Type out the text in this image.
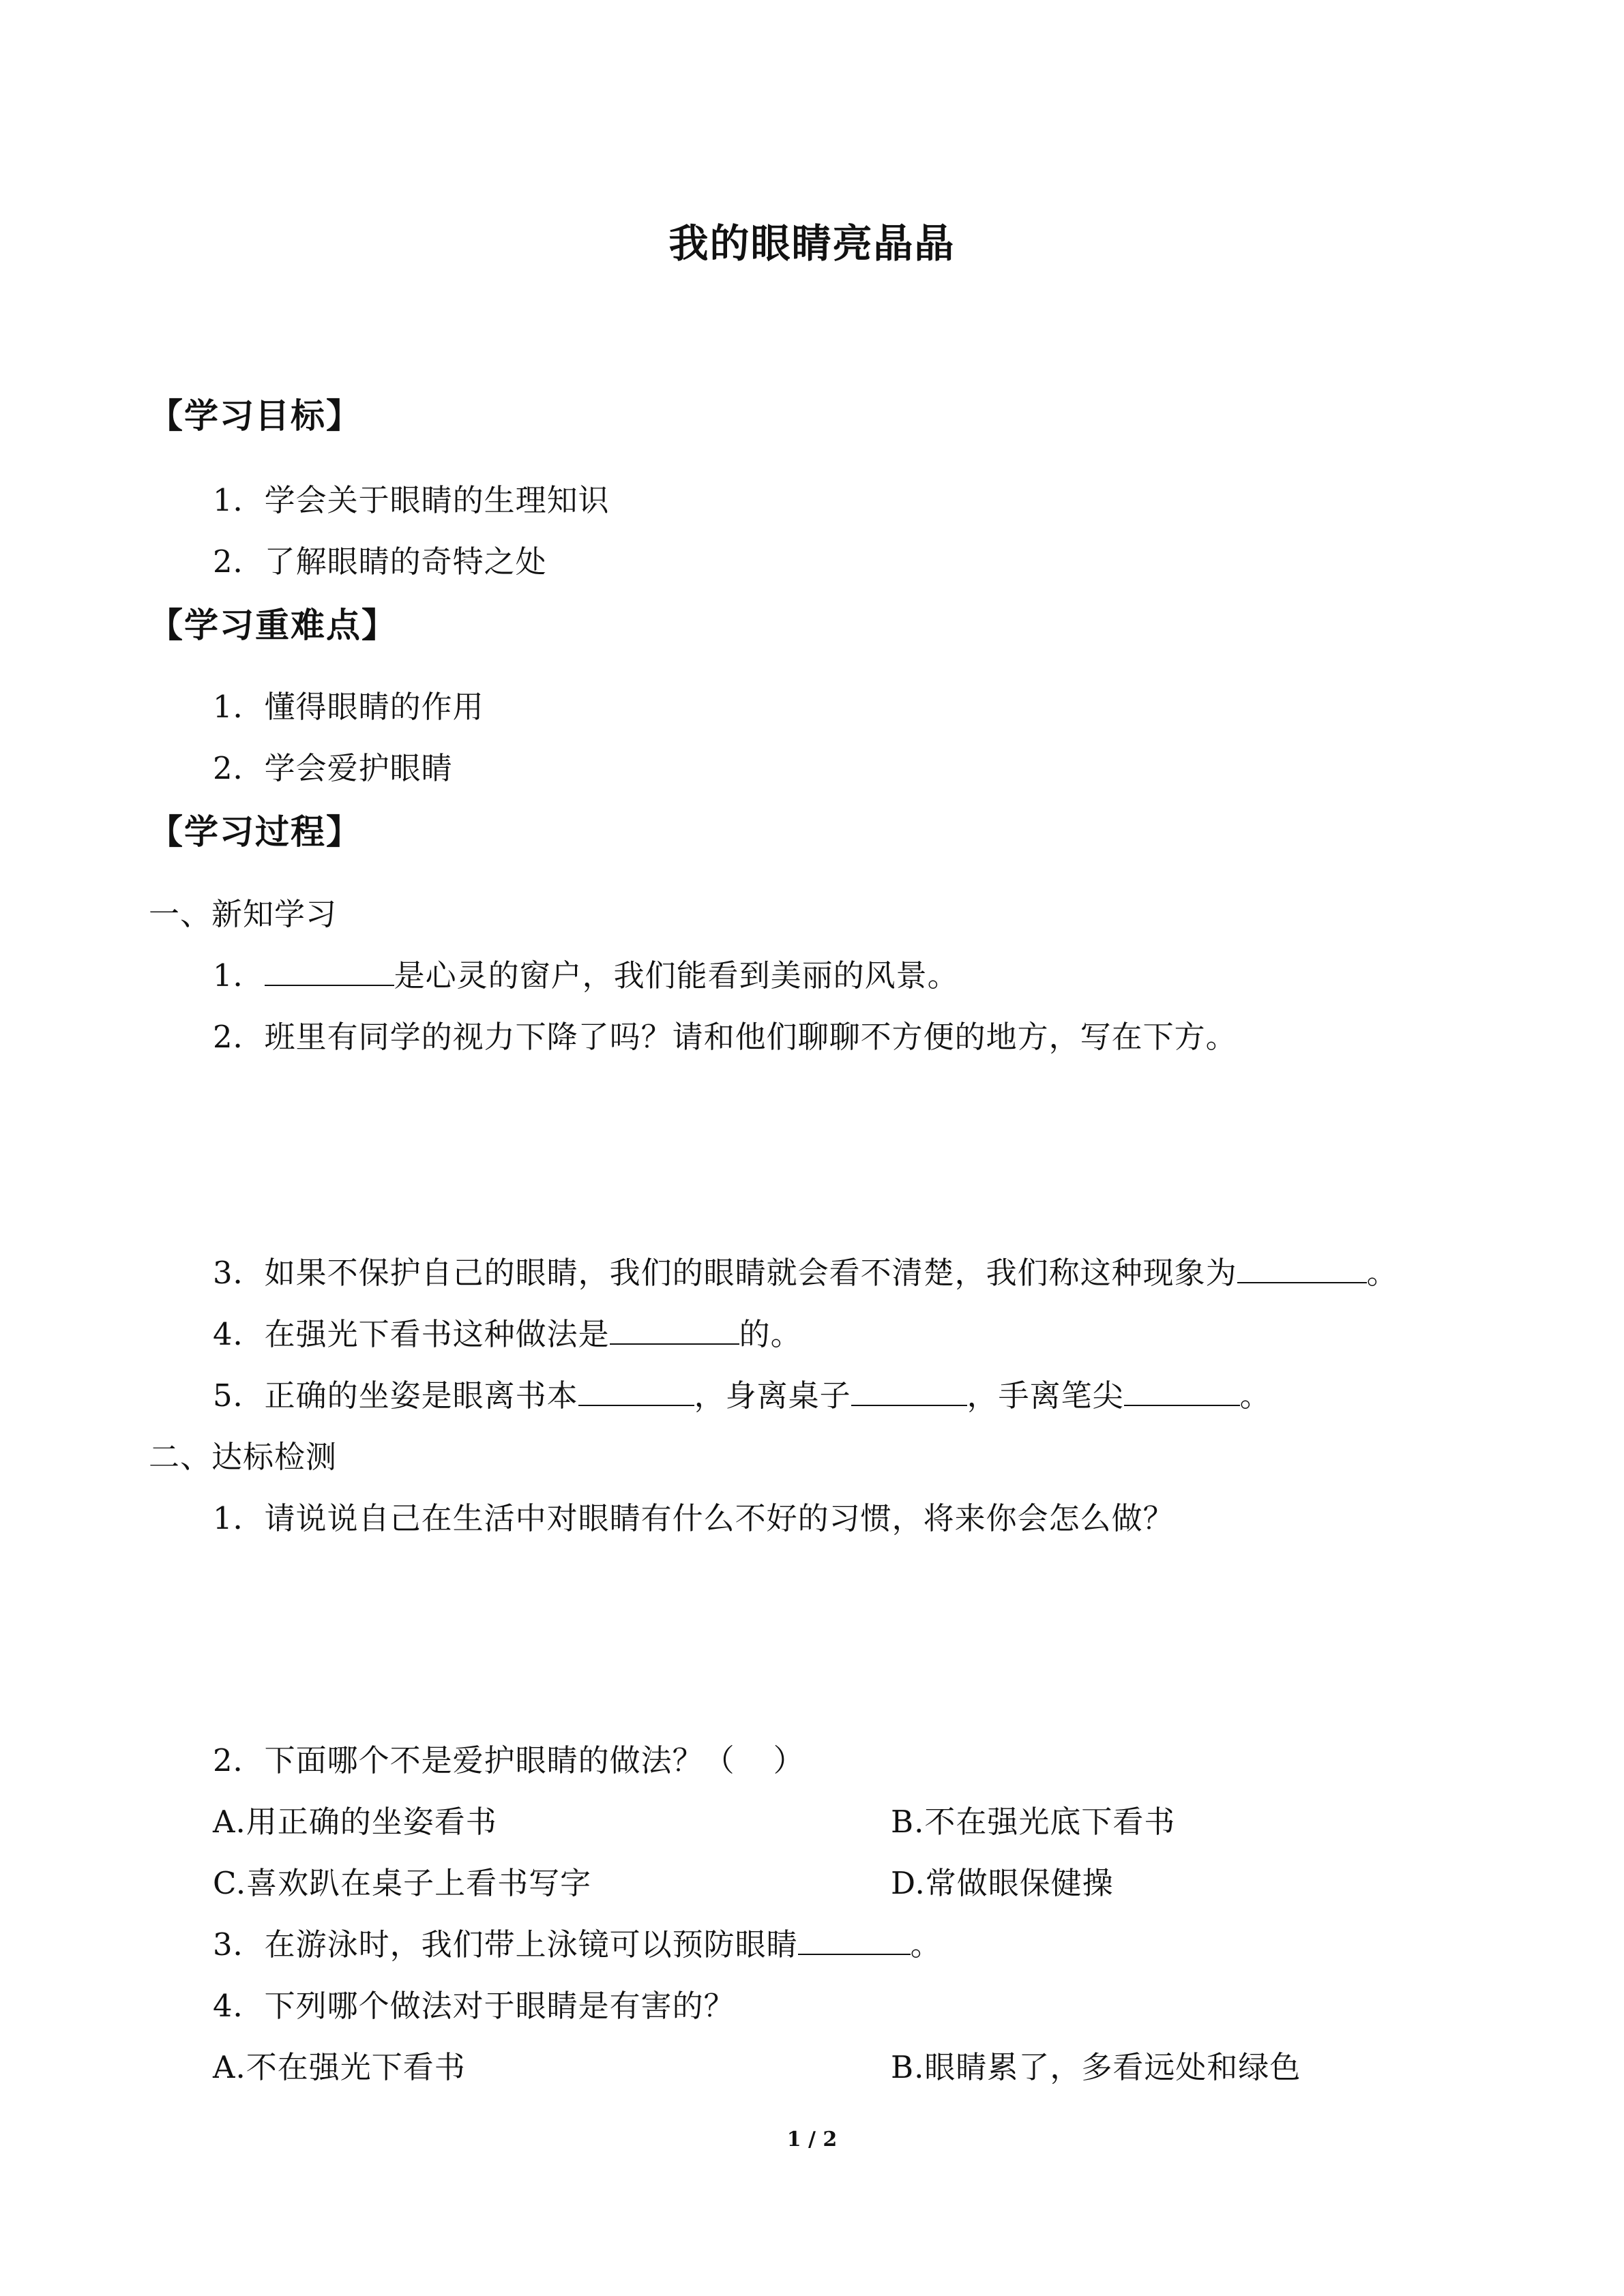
我的眼睛亮晶晶
【学习目标】
1．学会关于眼睛的生理知识
2．了解眼睛的奇特之处
【学习重难点】
1．懂得眼睛的作用
2．学会爱护眼睛
【学习过程】
一、新知学习
1．	是心灵的窗户，我们能看到美丽的风景。
2．班里有同学的视力下降了吗？请和他们聊聊不方便的地方，写在下方。
3．如果不保护自己的眼睛，我们的眼睛就会看不清楚，我们称这种现象为	。
4．在强光下看书这种做法是	的。
5．正确的坐姿是眼离书本	，身离桌子	，手离笔尖	。
二、达标检测
1．请说说自己在生活中对眼睛有什么不好的习惯，将来你会怎么做？
2．下面哪个不是爱护眼睛的做法？（ ）
A.用正确的坐姿看书	B.不在强光底下看书
C.喜欢趴在桌子上看书写字	D.常做眼保健操
3．在游泳时，我们带上泳镜可以预防眼睛	。
4．下列哪个做法对于眼睛是有害的？
A.不在强光下看书	B.眼睛累了，多看远处和绿色
1 / 2
